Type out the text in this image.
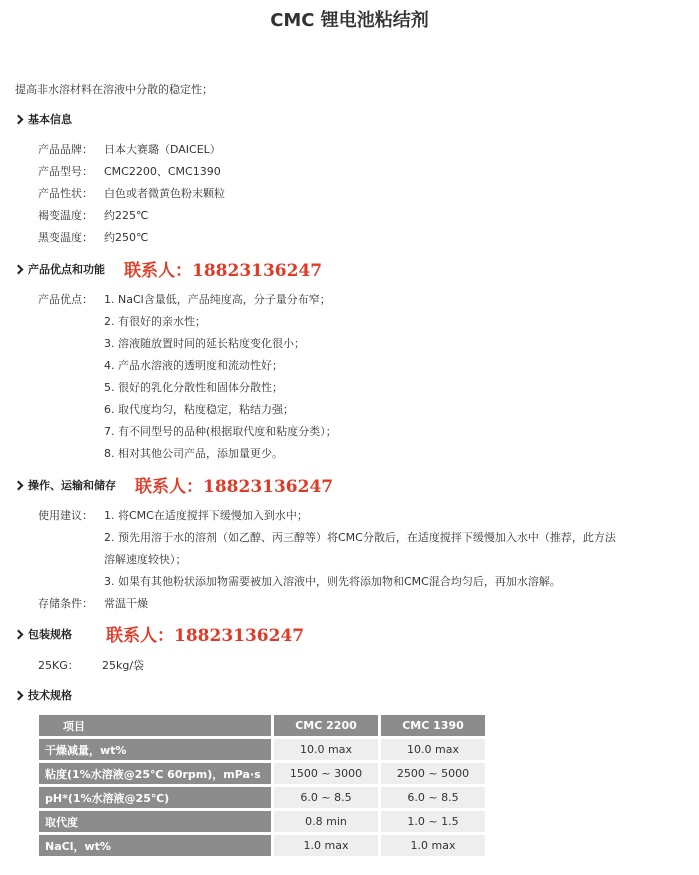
CMC 锂电池粘结剂
提高非水溶材料在溶液中分散的稳定性；
基本信息
产品品牌： 日本大赛璐（DAICEL）
产品型号： CMC2200、CMC1390
产品性状： 白色或者微黄色粉末颗粒
褐变温度： 约225℃
黑变温度： 约250℃
产品优点和功能 联系人：18823136247
产品优点： 1. NaCl含量低，产品纯度高，分子量分布窄；
2. 有很好的亲水性；
3. 溶液随放置时间的延长粘度变化很小；
4. 产品水溶液的透明度和流动性好；
5. 很好的乳化分散性和固体分散性；
6. 取代度均匀，粘度稳定，粘结力强；
7. 有不同型号的品种(根据取代度和粘度分类）；
8. 相对其他公司产品，添加量更少。
操作、运输和储存 联系人：18823136247
使用建议： 1. 将CMC在适度搅拌下缓慢加入到水中；
2. 预先用溶于水的溶剂（如乙醇、丙三醇等）将CMC分散后，在适度搅拌下缓慢加入水中（推荐，此方法
溶解速度较快）；
3. 如果有其他粉状添加物需要被加入溶液中，则先将添加物和CMC混合均匀后，再加水溶解。
存储条件： 常温干燥
包装规格 联系人：18823136247
25KG： 25kg/袋
技术规格
项目	CMC 2200	CMC 1390
干燥减量，wt%	10.0 max	10.0 max
粘度(1%水溶液@25℃ 60rpm)，mPa·s	1500 ~ 3000	2500 ~ 5000
pH*(1%水溶液@25℃)	6.0 ~ 8.5	6.0 ~ 8.5
取代度	0.8 min	1.0 ~ 1.5
NaCl，wt%	1.0 max	1.0 max
